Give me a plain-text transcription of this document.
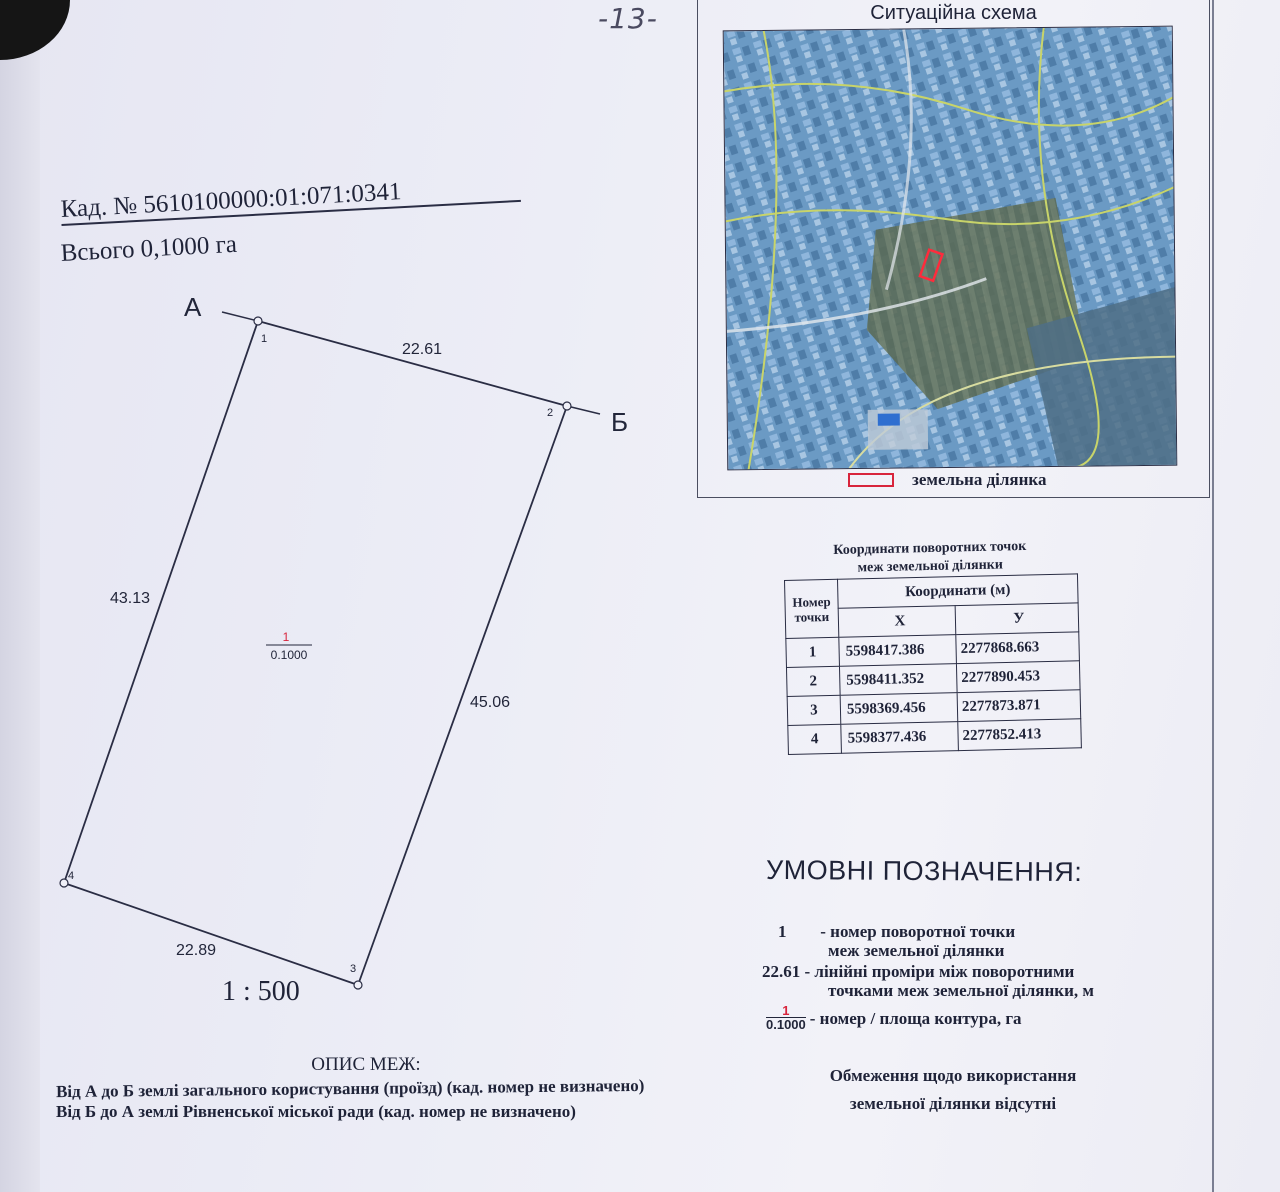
-13-
Кад. № 5610100000:01:071:0341
Всього 0,1000 га
А
Б
1
2
3
4
22.61
45.06
22.89
43.13
1
0.1000
1 : 500
ОПИС МЕЖ:
Від А до Б землі загального користування (проїзд) (кад. номер не визначено)
Від Б до А землі Рівненської міської ради (кад. номер не визначено)
Ситуаційна схема
земельна ділянка
Координати поворотних точок
меж земельної ділянки
Номер точки	Координати (м)	
	Х	У
1	5598417.386	2277868.663
2	5598411.352	2277890.453
3	5598369.456	2277873.871
4	5598377.436	2277852.413
УМОВНІ ПОЗНАЧЕННЯ:
1 - номер поворотної точки
меж земельної ділянки
22.61 - лінійні проміри між поворотними
точками меж земельної ділянки, м
$\frac{1}{0.1000}$ - номер / площа контура, га
Обмеження щодо використання
земельної ділянки відсутні
